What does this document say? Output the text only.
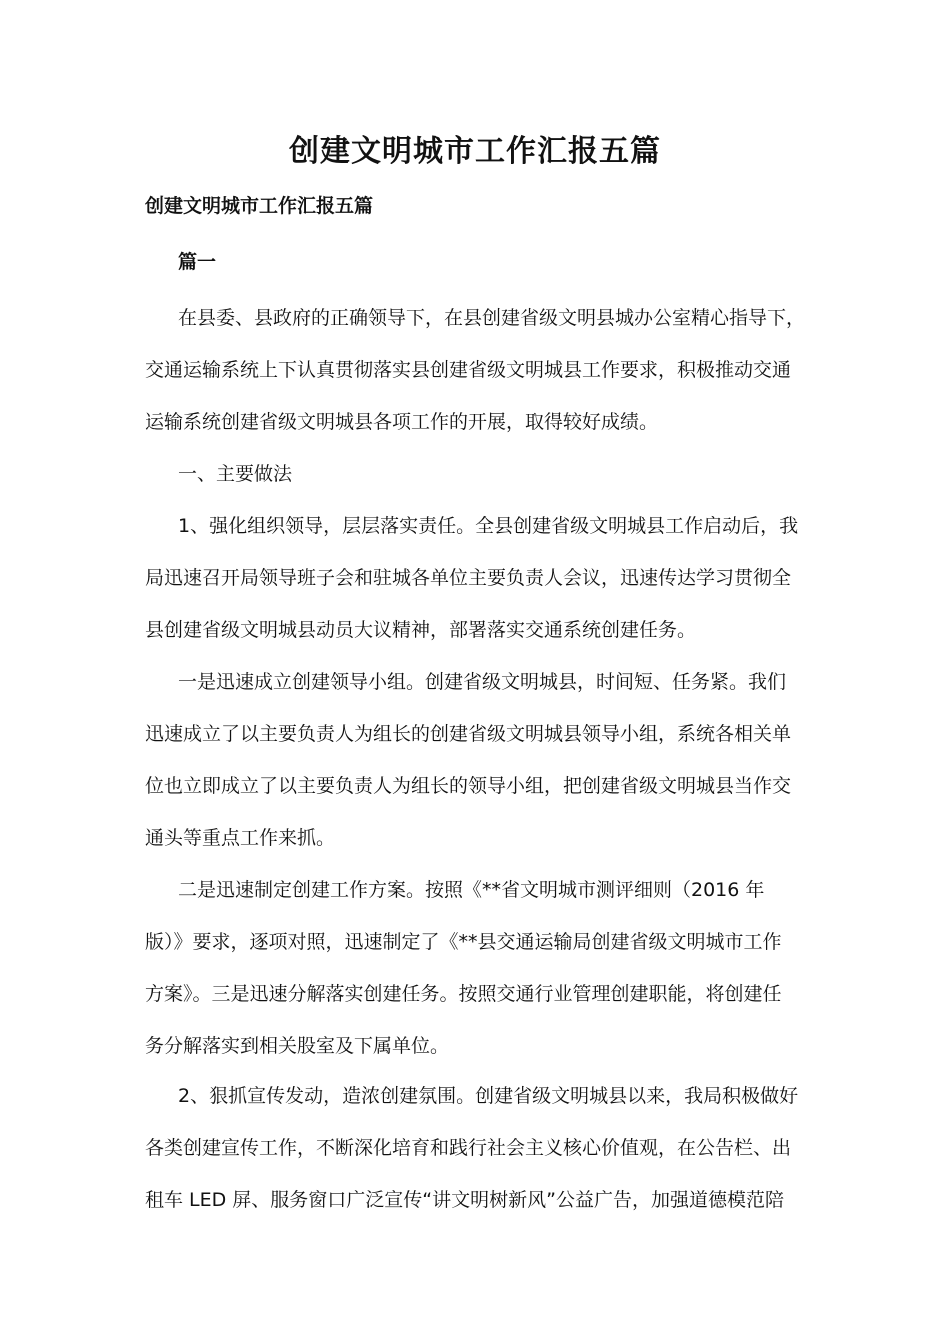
创建文明城市工作汇报五篇
创建文明城市工作汇报五篇
篇一

在县委、县政府的正确领导下，在县创建省级文明县城办公室精心指导下，
交通运输系统上下认真贯彻落实县创建省级文明城县工作要求，积极推动交通
运输系统创建省级文明城县各项工作的开展，取得较好成绩。

一、主要做法

1、强化组织领导，层层落实责任。全县创建省级文明城县工作启动后，我
局迅速召开局领导班子会和驻城各单位主要负责人会议，迅速传达学习贯彻全
县创建省级文明城县动员大议精神，部署落实交通系统创建任务。

一是迅速成立创建领导小组。创建省级文明城县，时间短、任务紧。我们
迅速成立了以主要负责人为组长的创建省级文明城县领导小组，系统各相关单
位也立即成立了以主要负责人为组长的领导小组，把创建省级文明城县当作交
通头等重点工作来抓。

二是迅速制定创建工作方案。按照《**省文明城市测评细则（2016 年
版）》要求，逐项对照，迅速制定了《**县交通运输局创建省级文明城市工作
方案》。三是迅速分解落实创建任务。按照交通行业管理创建职能，将创建任
务分解落实到相关股室及下属单位。

2、狠抓宣传发动，造浓创建氛围。创建省级文明城县以来，我局积极做好
各类创建宣传工作，不断深化培育和践行社会主义核心价值观，在公告栏、出
租车 LED 屏、服务窗口广泛宣传“讲文明树新风”公益广告，加强道德模范陪
